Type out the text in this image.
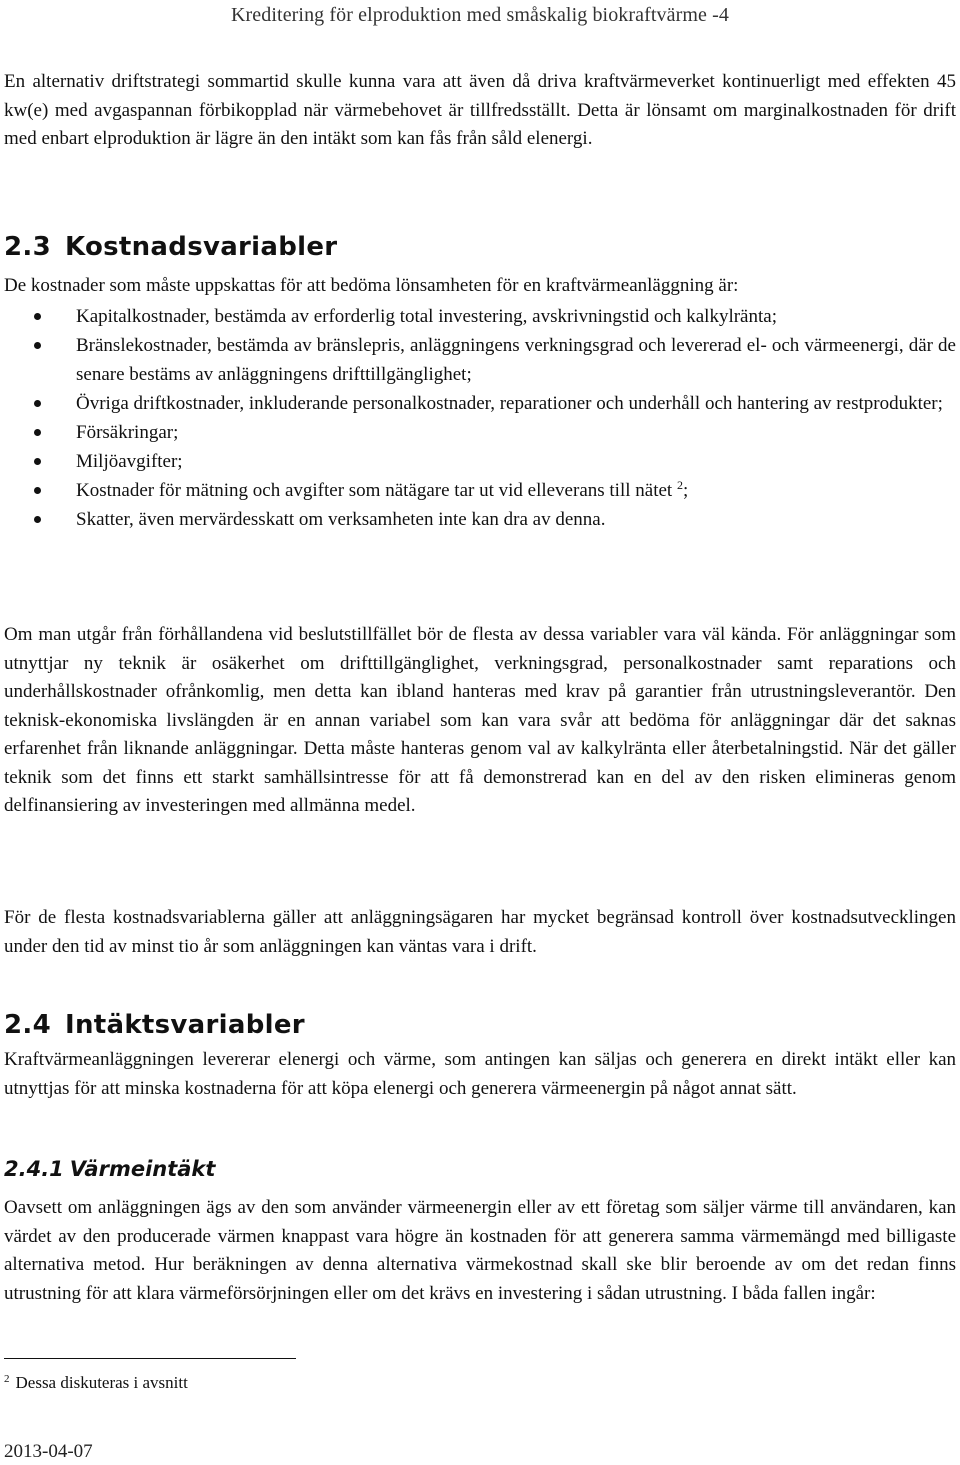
Kreditering för elproduktion med småskalig biokraftvärme -4

En alternativ driftstrategi sommartid skulle kunna vara att även då driva kraftvärmeverket kontinuerligt med effekten 45 kw(e) med avgaspannan förbikopplad när värmebehovet är tillfredsställt. Detta är lönsamt om marginalkostnaden för drift med enbart elproduktion är lägre än den intäkt som kan fås från såld elenergi.

2.3 Kostnadsvariabler

De kostnader som måste uppskattas för att bedöma lönsamheten för en kraftvärmeanläggning är:

Kapitalkostnader, bestämda av erforderlig total investering, avskrivningstid och kalkylränta;
Bränslekostnader, bestämda av bränslepris, anläggningens verkningsgrad och levererad el- och värmeenergi, där de senare bestäms av anläggningens drifttillgänglighet;
Övriga driftkostnader, inkluderande personalkostnader, reparationer och underhåll och hantering av restprodukter;
Försäkringar;
Miljöavgifter;
Kostnader för mätning och avgifter som nätägare tar ut vid elleverans till nätet $^2$;
Skatter, även mervärdesskatt om verksamheten inte kan dra av denna.

Om man utgår från förhållandena vid beslutstillfället bör de flesta av dessa variabler vara väl kända. För anläggningar som utnyttjar ny teknik är osäkerhet om drifttillgänglighet, verkningsgrad, personalkostnader samt reparations och underhållskostnader ofrånkomlig, men detta kan ibland hanteras med krav på garantier från utrustningsleverantör. Den teknisk-ekonomiska livslängden är en annan variabel som kan vara svår att bedöma för anläggningar där det saknas erfarenhet från liknande anläggningar. Detta måste hanteras genom val av kalkylränta eller återbetalningstid. När det gäller teknik som det finns ett starkt samhällsintresse för att få demonstrerad kan en del av den risken elimineras genom delfinansiering av investeringen med allmänna medel.

För de flesta kostnadsvariablerna gäller att anläggningsägaren har mycket begränsad kontroll över kostnadsutvecklingen under den tid av minst tio år som anläggningen kan väntas vara i drift.

2.4 Intäktsvariabler

Kraftvärmeanläggningen levererar elenergi och värme, som antingen kan säljas och generera en direkt intäkt eller kan utnyttjas för att minska kostnaderna för att köpa elenergi och generera värmeenergin på något annat sätt.

2.4.1 Värmeintäkt

Oavsett om anläggningen ägs av den som använder värmeenergin eller av ett företag som säljer värme till användaren, kan värdet av den producerade värmen knappast vara högre än kostnaden för att generera samma värmemängd med billigaste alternativa metod. Hur beräkningen av denna alternativa värmekostnad skall ske blir beroende av om det redan finns utrustning för att klara värmeförsörjningen eller om det krävs en investering i sådan utrustning. I båda fallen ingår:

$^2$ Dessa diskuteras i avsnitt
2013-04-07
